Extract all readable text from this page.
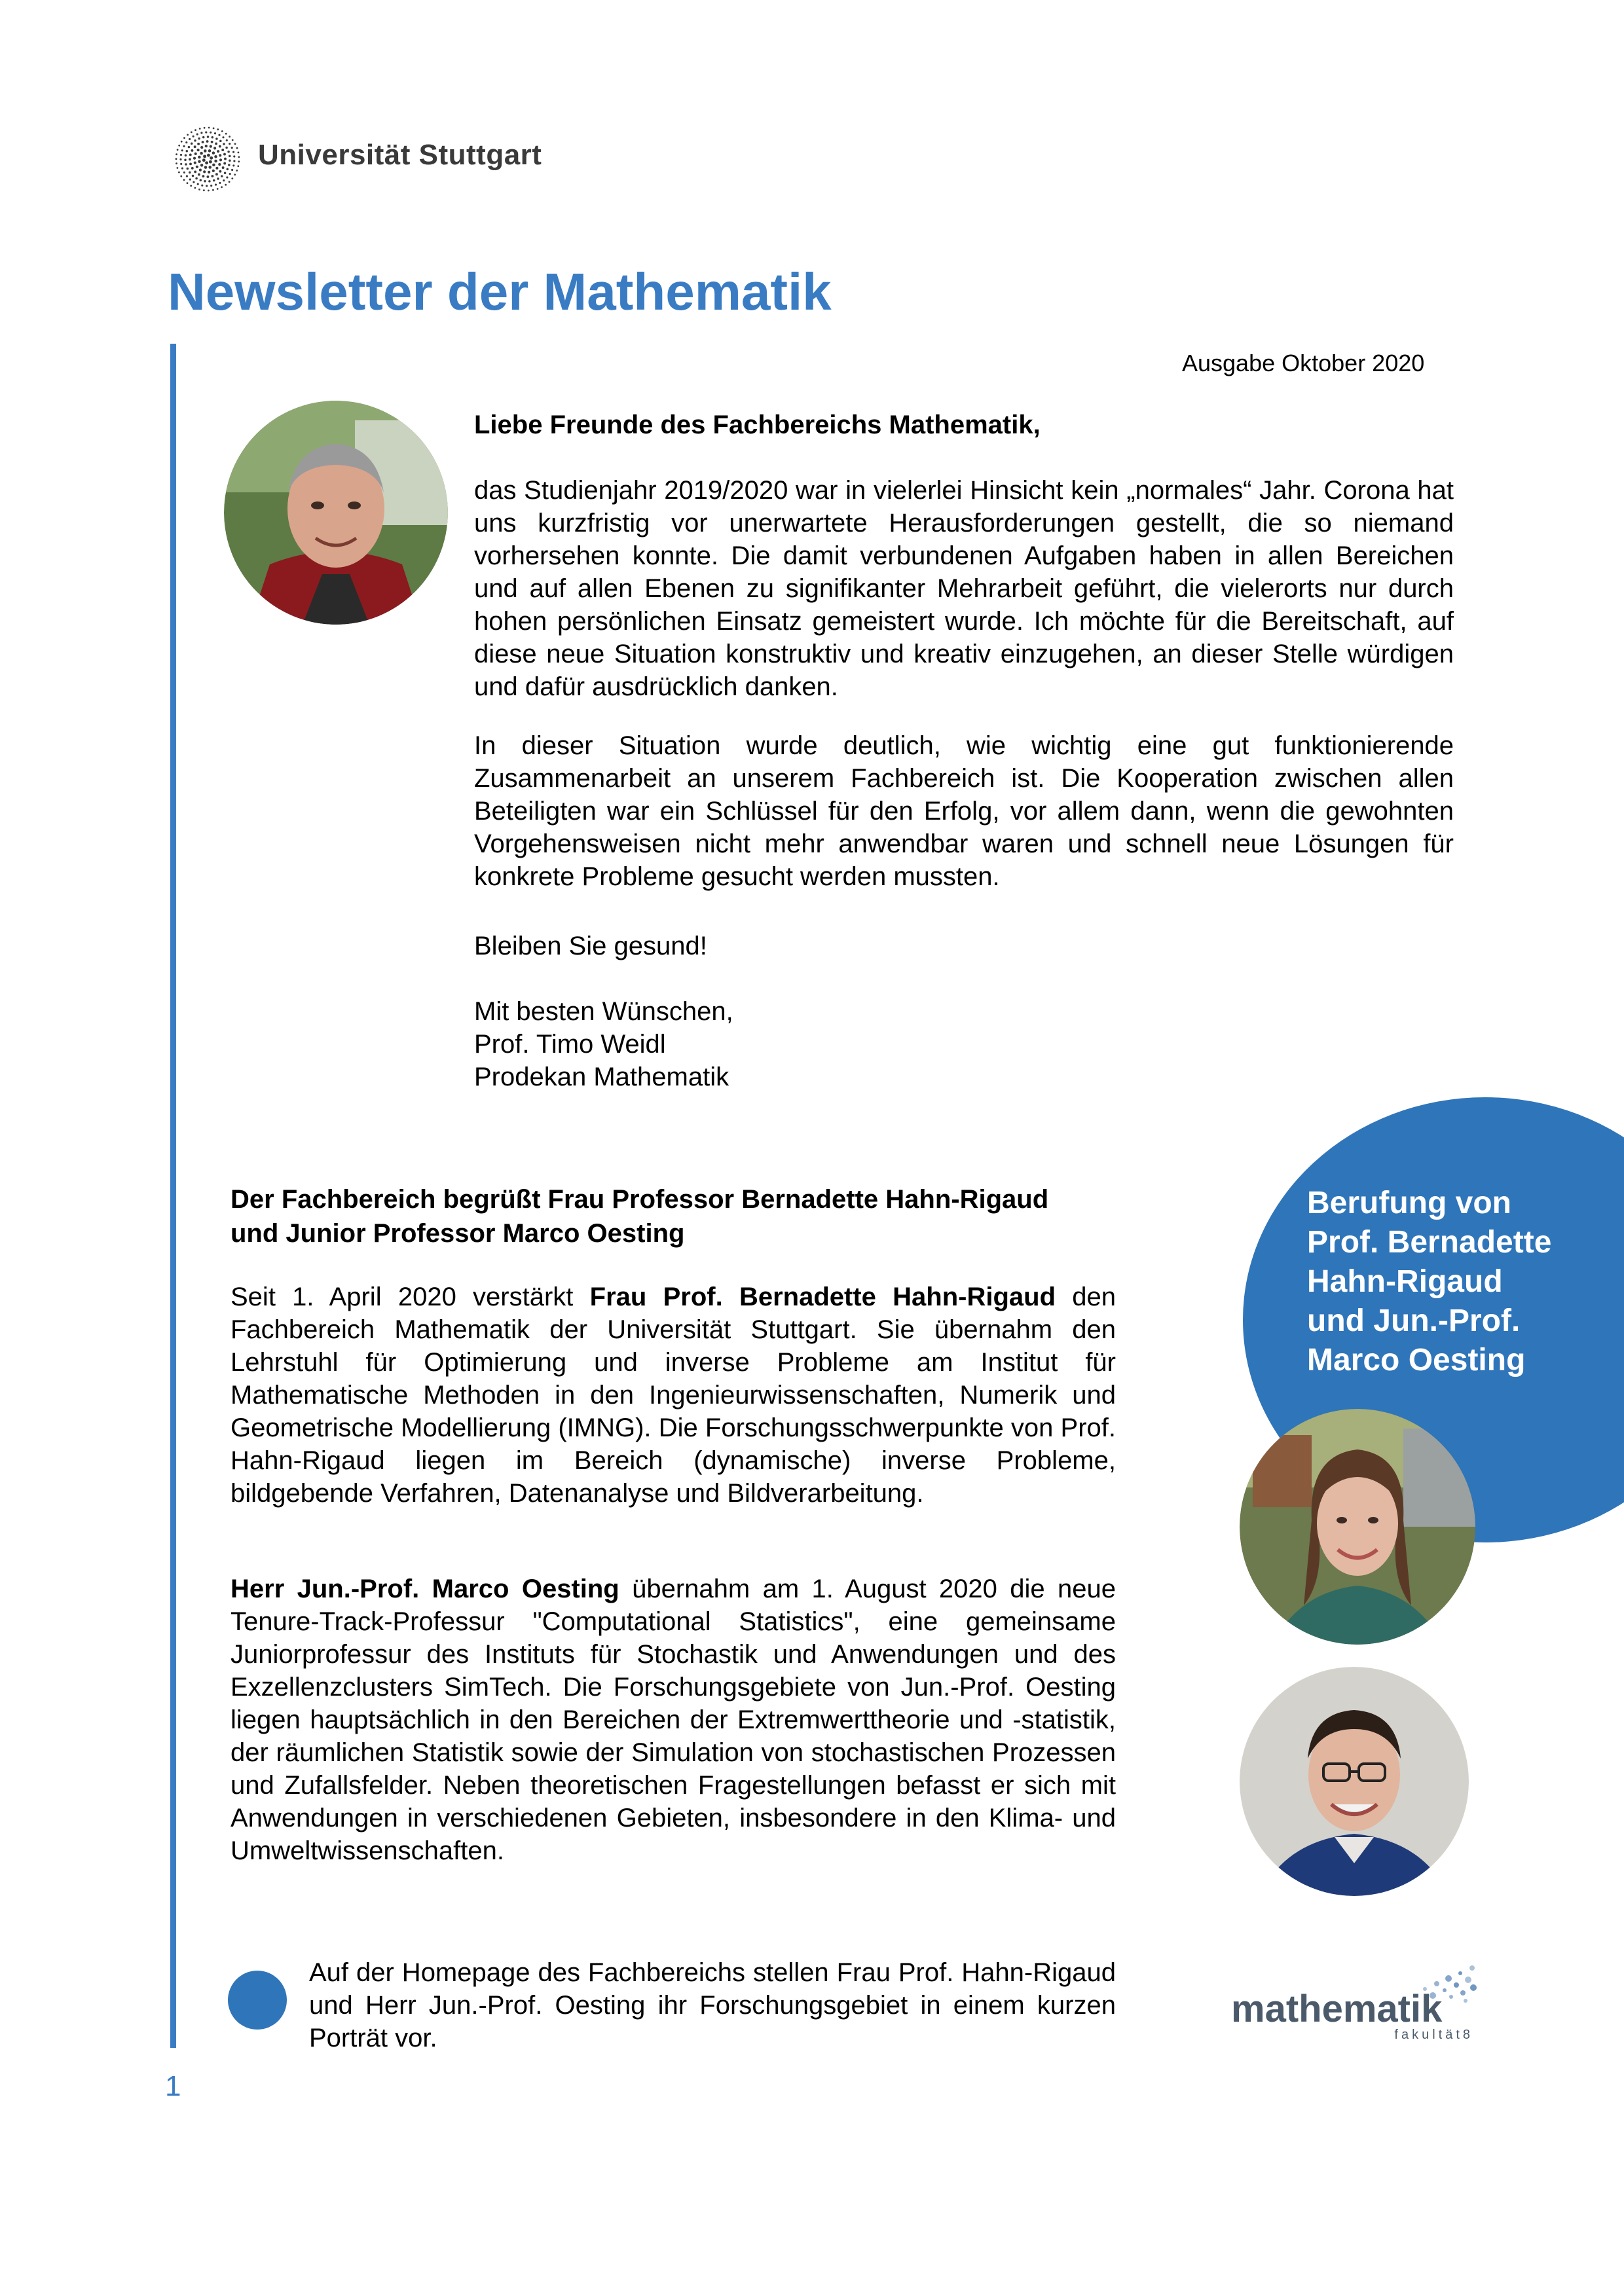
Universität Stuttgart
Newsletter der Mathematik
Ausgabe Oktober 2020
Liebe Freunde des Fachbereichs Mathematik,
das Studienjahr 2019/2020 war in vielerlei Hinsicht kein „normales“ Jahr. Corona hat uns kurzfristig vor unerwartete Herausforderungen gestellt, die so niemand vorhersehen konnte. Die damit verbundenen Aufgaben haben in allen Bereichen und auf allen Ebenen zu signifikanter Mehrarbeit geführt, die vielerorts nur durch hohen persönlichen Einsatz gemeistert wurde. Ich möchte für die Bereitschaft, auf diese neue Situation konstruktiv und kreativ einzugehen, an dieser Stelle würdigen und dafür ausdrücklich danken.
In dieser Situation wurde deutlich, wie wichtig eine gut funktionierende Zusammenarbeit an unserem Fachbereich ist. Die Kooperation zwischen allen Beteiligten war ein Schlüssel für den Erfolg, vor allem dann, wenn die gewohnten Vorgehensweisen nicht mehr anwendbar waren und schnell neue Lösungen für konkrete Probleme gesucht werden mussten.
Bleiben Sie gesund!
Mit besten Wünschen,
Prof. Timo Weidl
Prodekan Mathematik
Berufung von
Prof. Bernadette
Hahn-Rigaud
und Jun.-Prof.
Marco Oesting
Der Fachbereich begrüßt Frau Professor Bernadette Hahn-Rigaud
und Junior Professor Marco Oesting
Seit 1. April 2020 verstärkt Frau Prof. Bernadette Hahn-Rigaud den Fachbereich Mathematik der Universität Stuttgart. Sie übernahm den Lehrstuhl für Optimierung und inverse Probleme am Institut für Mathematische Methoden in den Ingenieurwissenschaften, Numerik und Geometrische Modellierung (IMNG). Die Forschungsschwerpunkte von Prof. Hahn-Rigaud liegen im Bereich (dynamische) inverse Probleme, bildgebende Verfahren, Datenanalyse und Bildverarbeitung.
Herr Jun.-Prof. Marco Oesting übernahm am 1. August 2020 die neue Tenure-Track-Professur "Computational Statistics", eine gemeinsame Juniorprofessur des Instituts für Stochastik und Anwendungen und des Exzellenzclusters SimTech. Die Forschungsgebiete von Jun.-Prof. Oesting liegen hauptsächlich in den Bereichen der Extremwerttheorie und -statistik, der räumlichen Statistik sowie der Simulation von stochastischen Prozessen und Zufallsfelder. Neben theoretischen Fragestellungen befasst er sich mit Anwendungen in verschiedenen Gebieten, insbesondere in den Klima- und Umweltwissenschaften.
Auf der Homepage des Fachbereichs stellen Frau Prof. Hahn-Rigaud und Herr Jun.-Prof. Oesting ihr Forschungsgebiet in einem kurzen Porträt vor.
mathematik
fakultät8
1
